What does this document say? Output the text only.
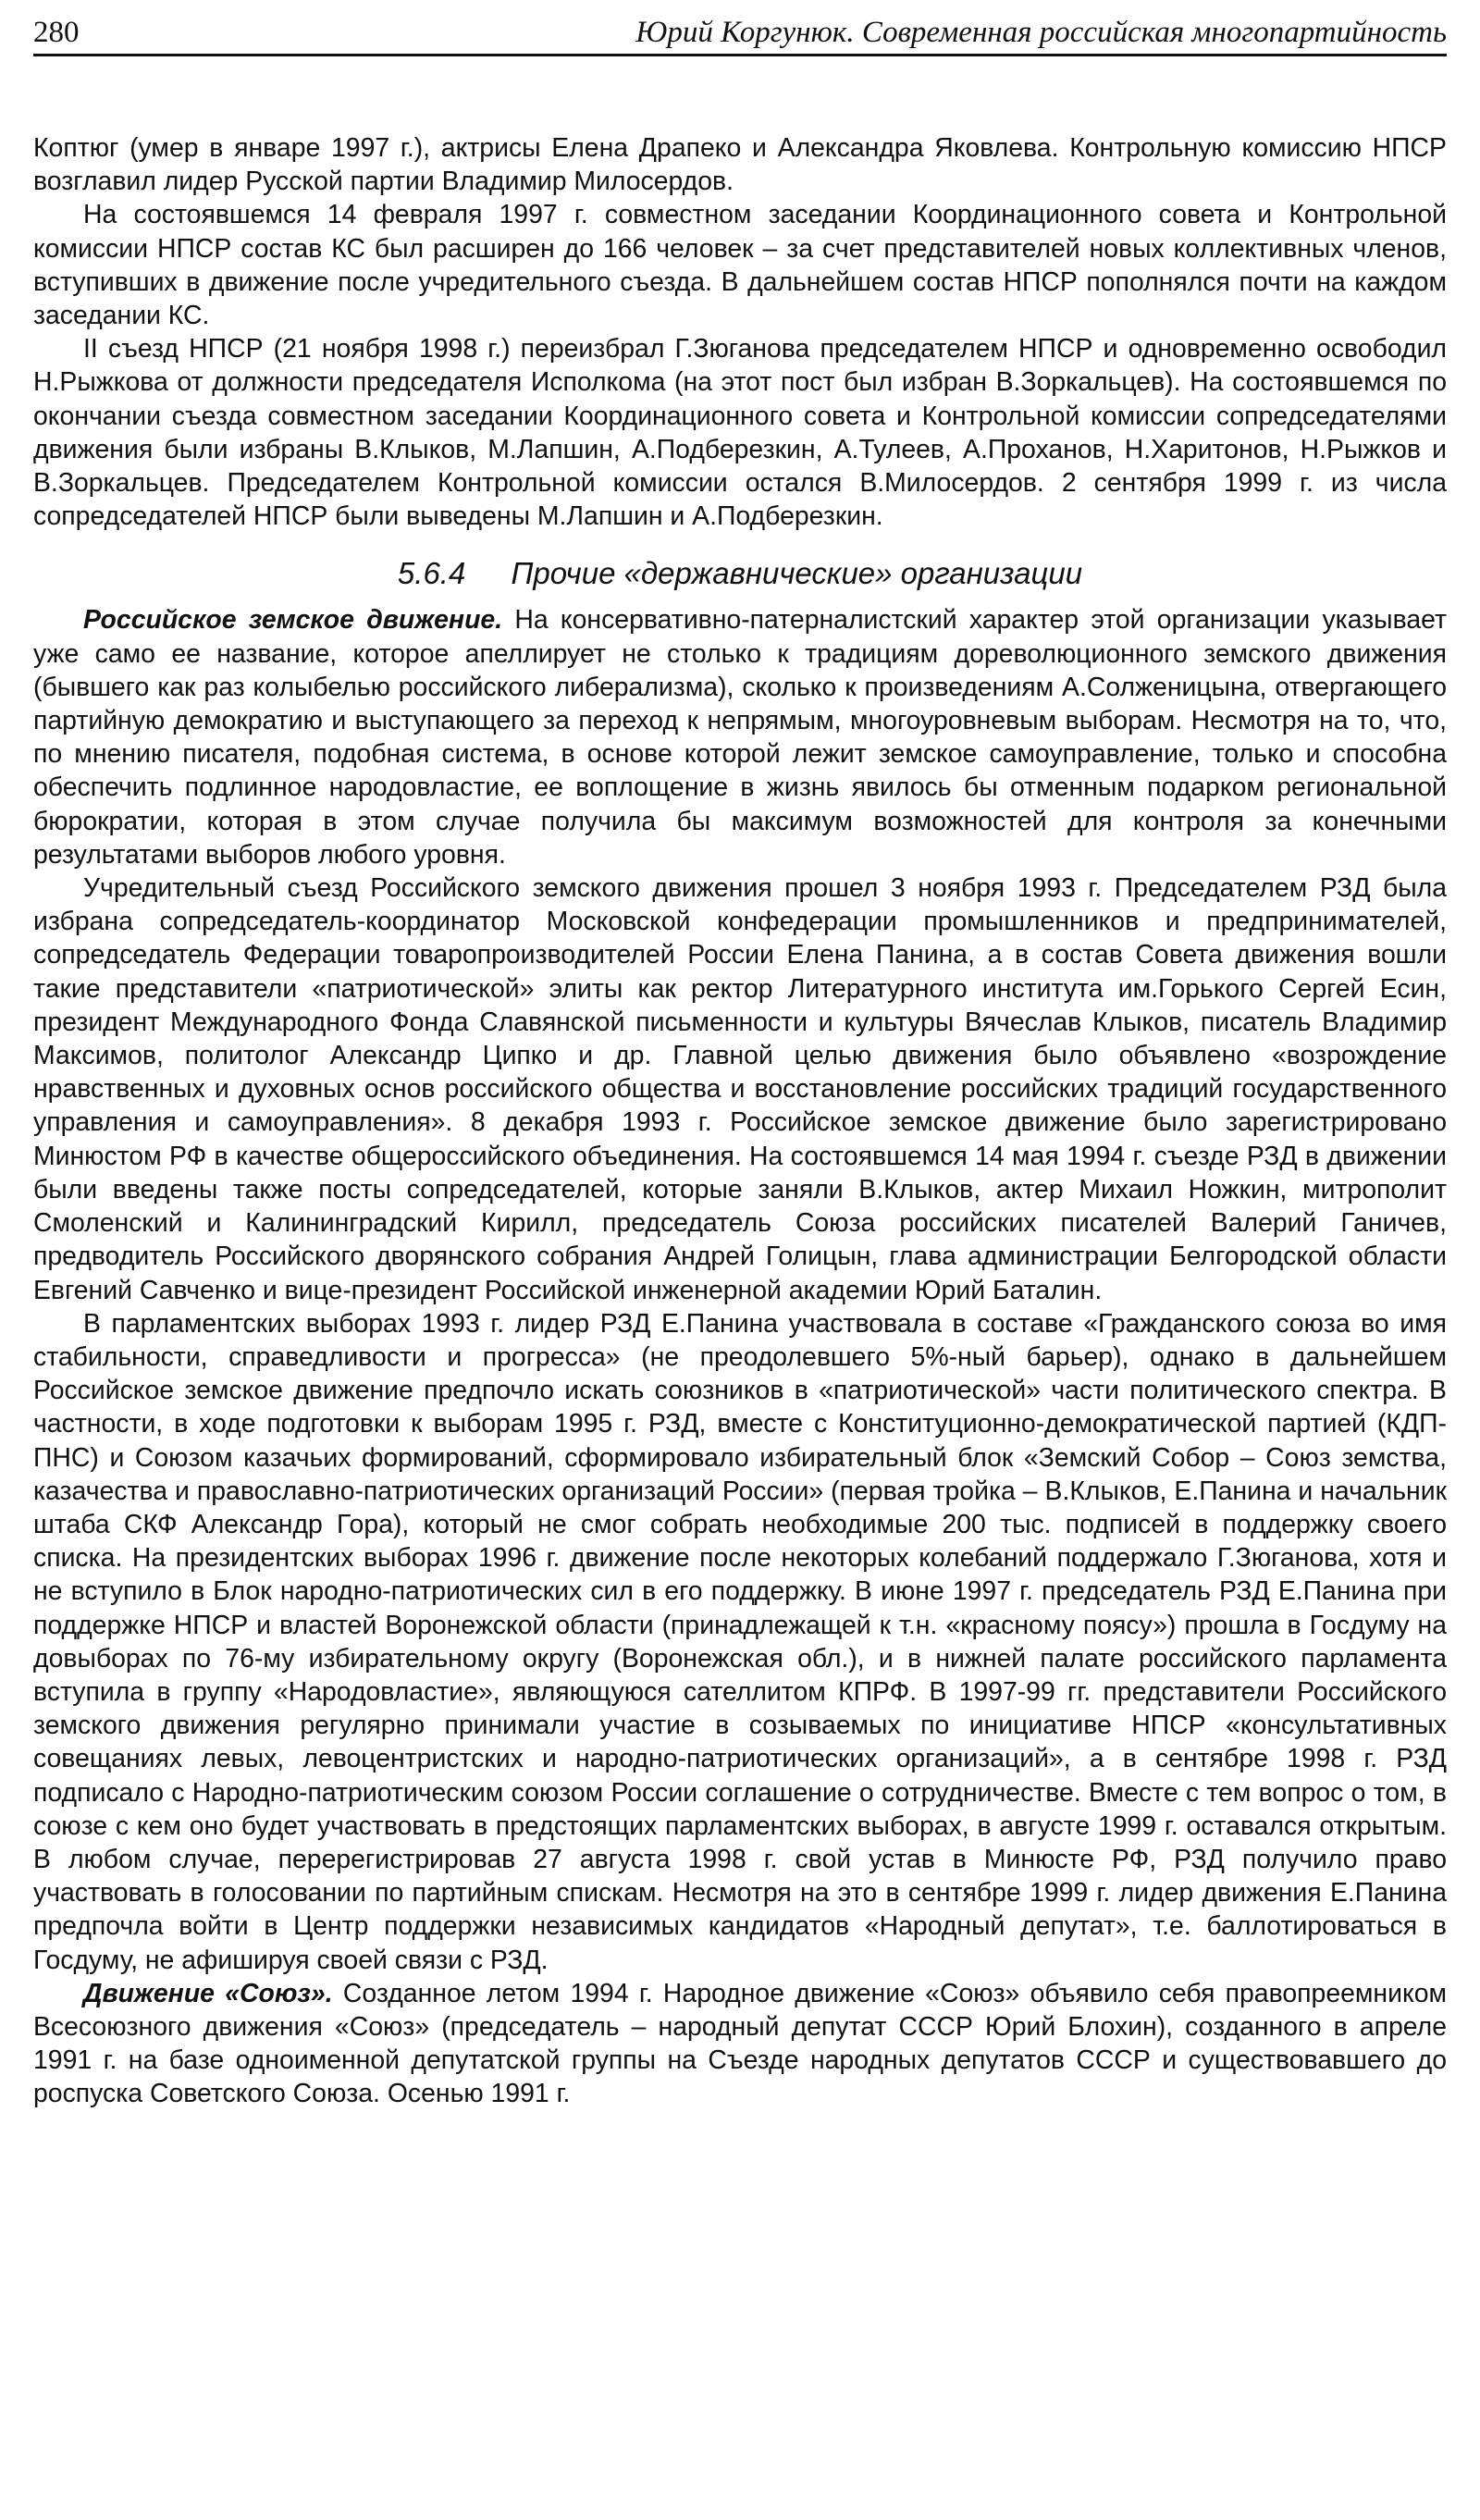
280	Юрий Коргунюк. Современная российская многопартийность

Коптюг (умер в январе 1997 г.), актрисы Елена Драпеко и Александра Яковлева. Контрольную комиссию НПСР возглавил лидер Русской партии Владимир Милосердов.

На состоявшемся 14 февраля 1997 г. совместном заседании Координационного совета и Контрольной комиссии НПСР состав КС был расширен до 166 человек – за счет представителей новых коллективных членов, вступивших в движение после учредительного съезда. В дальнейшем состав НПСР пополнялся почти на каждом заседании КС.

II съезд НПСР (21 ноября 1998 г.) переизбрал Г.Зюганова председателем НПСР и одновременно освободил Н.Рыжкова от должности председателя Исполкома (на этот пост был избран В.Зоркальцев). На состоявшемся по окончании съезда совместном заседании Координационного совета и Контрольной комиссии сопредседателями движения были избраны В.Клыков, М.Лапшин, А.Подберезкин, А.Тулеев, А.Проханов, Н.Харитонов, Н.Рыжков и В.Зоркальцев. Председателем Контрольной комиссии остался В.Милосердов. 2 сентября 1999 г. из числа сопредседателей НПСР были выведены М.Лапшин и А.Подберезкин.

5.6.4 Прочие «державнические» организации

Российское земское движение. На консервативно-патерналистский характер этой организации указывает уже само ее название, которое апеллирует не столько к традициям дореволюционного земского движения (бывшего как раз колыбелью российского либерализма), сколько к произведениям А.Солженицына, отвергающего партийную демократию и выступающего за переход к непрямым, многоуровневым выборам. Несмотря на то, что, по мнению писателя, подобная система, в основе которой лежит земское самоуправление, только и способна обеспечить подлинное народовластие, ее воплощение в жизнь явилось бы отменным подарком региональной бюрократии, которая в этом случае получила бы максимум возможностей для контроля за конечными результатами выборов любого уровня.

Учредительный съезд Российского земского движения прошел 3 ноября 1993 г. Председателем РЗД была избрана сопредседатель-координатор Московской конфедерации промышленников и предпринимателей, сопредседатель Федерации товаропроизводителей России Елена Панина, а в состав Совета движения вошли такие представители «патриотической» элиты как ректор Литературного института им.Горького Сергей Есин, президент Международного Фонда Славянской письменности и культуры Вячеслав Клыков, писатель Владимир Максимов, политолог Александр Ципко и др. Главной целью движения было объявлено «возрождение нравственных и духовных основ российского общества и восстановление российских традиций государственного управления и самоуправления». 8 декабря 1993 г. Российское земское движение было зарегистрировано Минюстом РФ в качестве общероссийского объединения. На состоявшемся 14 мая 1994 г. съезде РЗД в движении были введены также посты сопредседателей, которые заняли В.Клыков, актер Михаил Ножкин, митрополит Смоленский и Калининградский Кирилл, председатель Союза российских писателей Валерий Ганичев, предводитель Российского дворянского собрания Андрей Голицын, глава администрации Белгородской области Евгений Савченко и вице-президент Российской инженерной академии Юрий Баталин.

В парламентских выборах 1993 г. лидер РЗД Е.Панина участвовала в составе «Гражданского союза во имя стабильности, справедливости и прогресса» (не преодолевшего 5%-ный барьер), однако в дальнейшем Российское земское движение предпочло искать союзников в «патриотической» части политического спектра. В частности, в ходе подготовки к выборам 1995 г. РЗД, вместе с Конституционно-демократической партией (КДП-ПНС) и Союзом казачьих формирований, сформировало избирательный блок «Земский Собор – Союз земства, казачества и православно-патриотических организаций России» (первая тройка – В.Клыков, Е.Панина и начальник штаба СКФ Александр Гора), который не смог собрать необходимые 200 тыс. подписей в поддержку своего списка. На президентских выборах 1996 г. движение после некоторых колебаний поддержало Г.Зюганова, хотя и не вступило в Блок народно-патриотических сил в его поддержку. В июне 1997 г. председатель РЗД Е.Панина при поддержке НПСР и властей Воронежской области (принадлежащей к т.н. «красному поясу») прошла в Госдуму на довыборах по 76-му избирательному округу (Воронежская обл.), и в нижней палате российского парламента вступила в группу «Народовластие», являющуюся сателлитом КПРФ. В 1997-99 гг. представители Российского земского движения регулярно принимали участие в созываемых по инициативе НПСР «консультативных совещаниях левых, левоцентристских и народно-патриотических организаций», а в сентябре 1998 г. РЗД подписало с Народно-патриотическим союзом России соглашение о сотрудничестве. Вместе с тем вопрос о том, в союзе с кем оно будет участвовать в предстоящих парламентских выборах, в августе 1999 г. оставался открытым. В любом случае, перерегистрировав 27 августа 1998 г. свой устав в Минюсте РФ, РЗД получило право участвовать в голосовании по партийным спискам. Несмотря на это в сентябре 1999 г. лидер движения Е.Панина предпочла войти в Центр поддержки независимых кандидатов «Народный депутат», т.е. баллотироваться в Госдуму, не афишируя своей связи с РЗД.

Движение «Союз». Созданное летом 1994 г. Народное движение «Союз» объявило себя правопреемником Всесоюзного движения «Союз» (председатель – народный депутат СССР Юрий Блохин), созданного в апреле 1991 г. на базе одноименной депутатской группы на Съезде народных депутатов СССР и существовавшего до роспуска Советского Союза. Осенью 1991 г.
